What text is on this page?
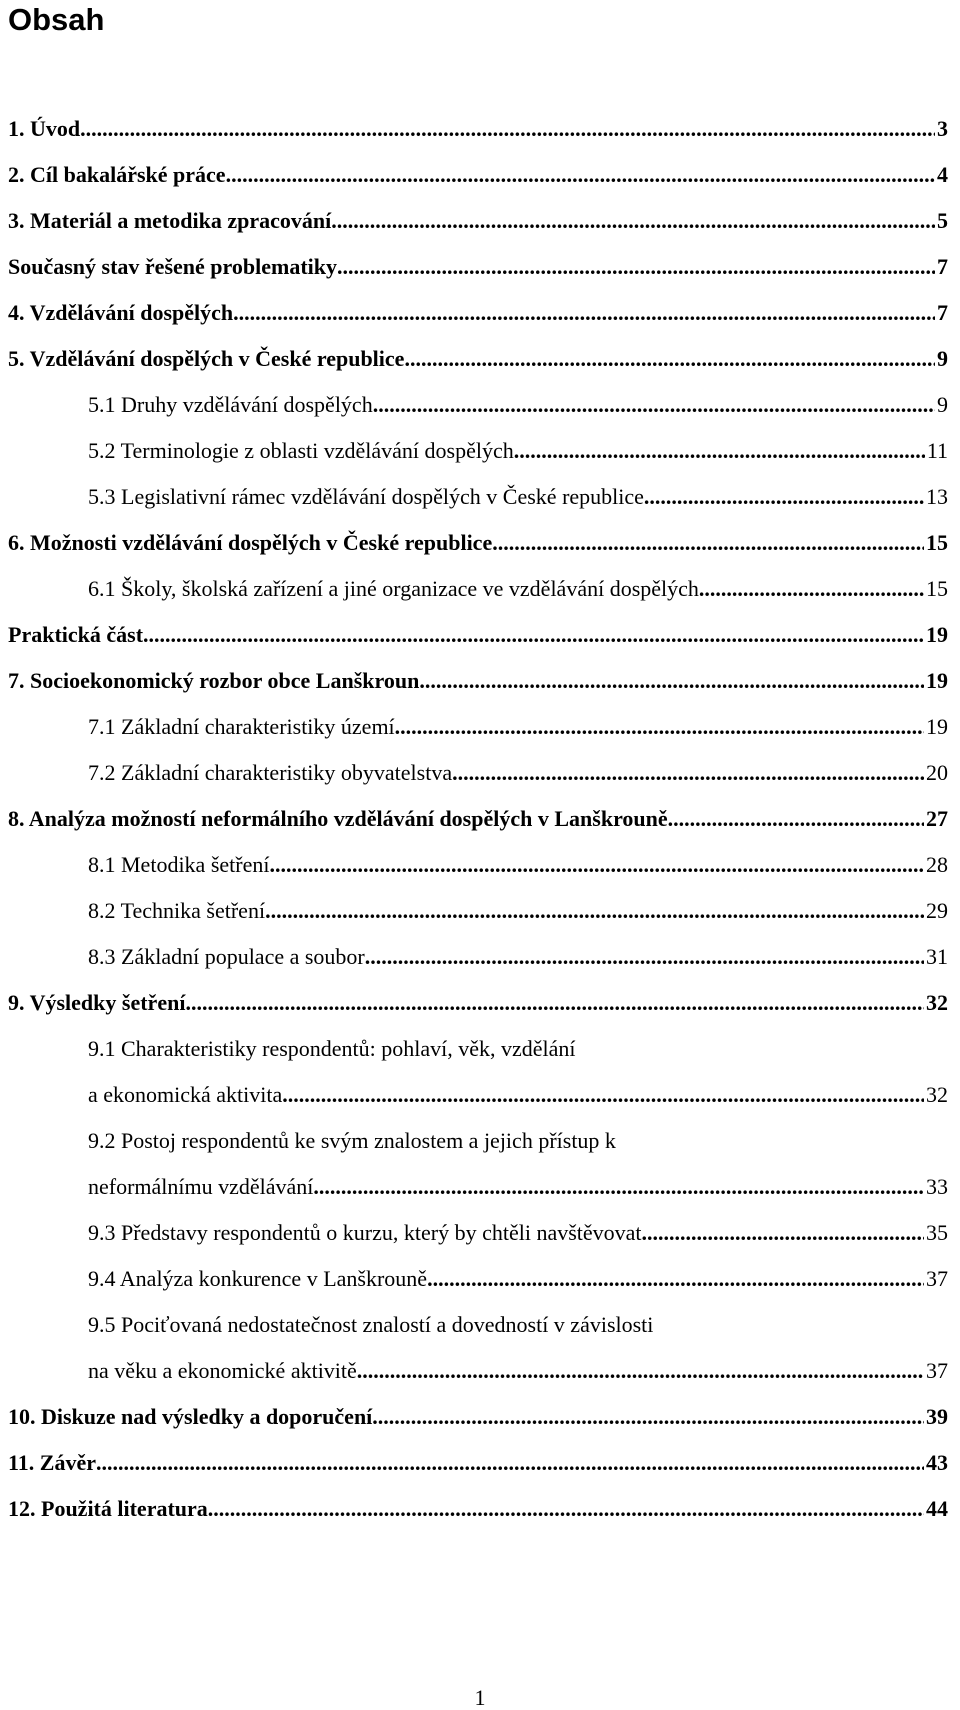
Obsah
1. Úvod .....	3
2. Cíl bakalářské práce .....	4
3. Materiál a metodika zpracování .....	5
Současný stav řešené problematiky .....	7
4. Vzdělávání dospělých .....	7
5. Vzdělávání dospělých v České republice .....	9
5.1 Druhy vzdělávání dospělých .....	9
5.2 Terminologie z oblasti vzdělávání dospělých .....	11
5.3 Legislativní rámec vzdělávání dospělých v České republice .....	13
6. Možnosti vzdělávání dospělých v České republice .....	15
6.1 Školy, školská zařízení a jiné organizace ve vzdělávání dospělých .....	15
Praktická část .....	19
7. Socioekonomický rozbor obce Lanškroun .....	19
7.1 Základní charakteristiky území .....	19
7.2 Základní charakteristiky obyvatelstva .....	20
8. Analýza možností neformálního vzdělávání dospělých v Lanškrouně .....	27
8.1 Metodika šetření .....	28
8.2 Technika šetření .....	29
8.3 Základní populace a soubor .....	31
9. Výsledky šetření .....	32
9.1 Charakteristiky respondentů: pohlaví, věk, vzdělání
a ekonomická aktivita .....	32
9.2 Postoj respondentů ke svým znalostem a jejich přístup k
neformálnímu vzdělávání .....	33
9.3 Představy respondentů o kurzu, který by chtěli navštěvovat .....	35
9.4 Analýza konkurence v Lanškrouně .....	37
9.5 Pociťovaná nedostatečnost znalostí a dovedností v závislosti
na věku a ekonomické aktivitě .....	37
10. Diskuze nad výsledky a doporučení .....	39
11. Závěr .....	43
12. Použitá literatura .....	44
1
